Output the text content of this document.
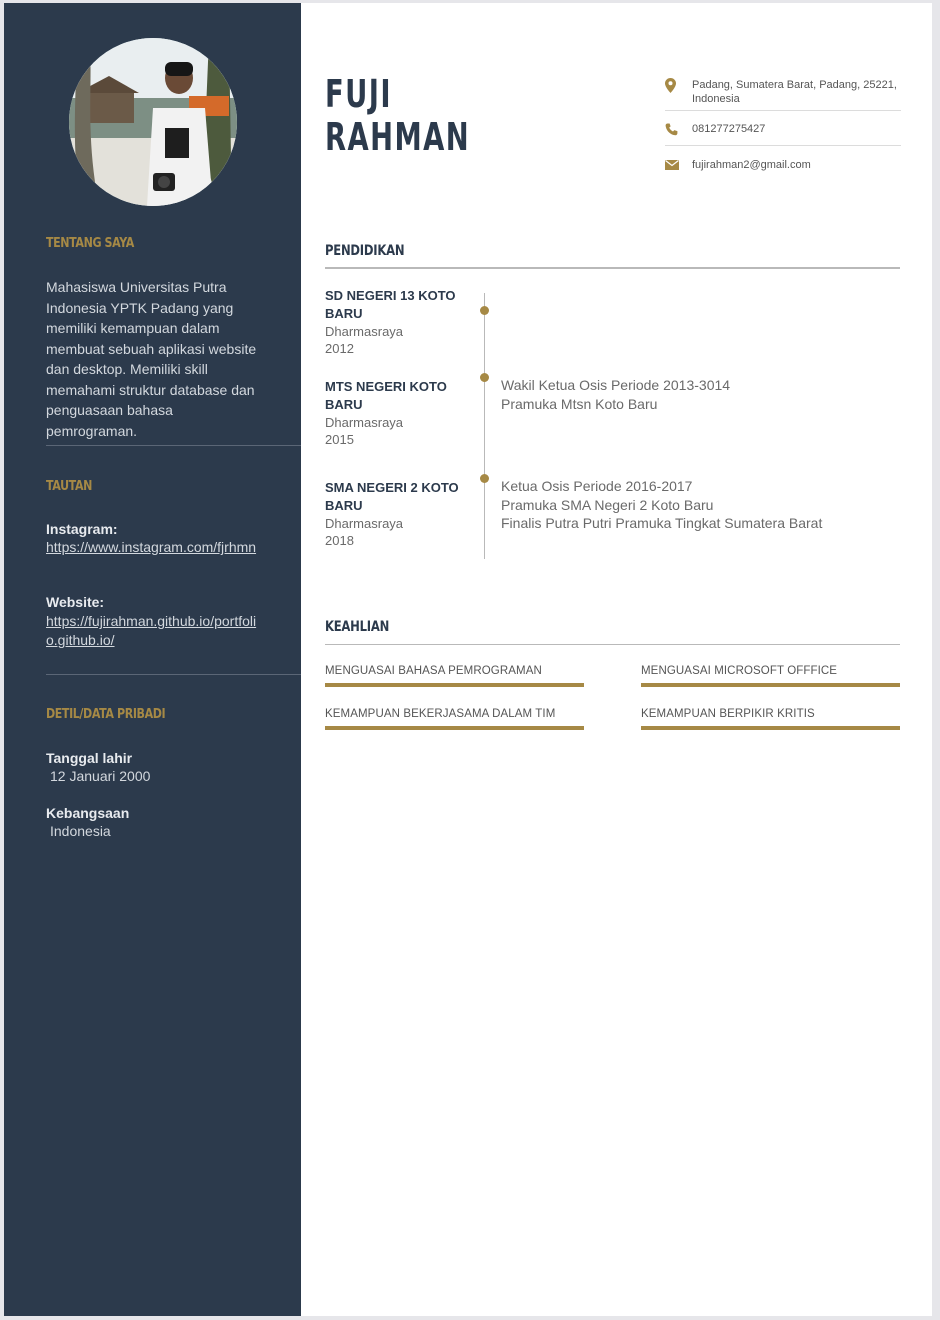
TENTANG SAYA
Mahasiswa Universitas Putra Indonesia YPTK Padang yang memiliki kemampuan dalam membuat sebuah aplikasi website dan desktop. Memiliki skill memahami struktur database dan penguasaan bahasa pemrograman.
TAUTAN
Instagram:
https://www.instagram.com/fjrhmn
Website:
https://fujirahman.github.io/portfolio.github.io/
DETIL/DATA PRIBADI
Tanggal lahir
12 Januari 2000
Kebangsaan
Indonesia
FUJI
RAHMAN
Padang, Sumatera Barat, Padang, 25221, Indonesia
081277275427
fujirahman2@gmail.com
PENDIDIKAN
SD NEGERI 13 KOTO BARU
Dharmasraya
2012
MTS NEGERI KOTO BARU
Dharmasraya
2015
Wakil Ketua Osis Periode 2013-3014
Pramuka Mtsn Koto Baru
SMA NEGERI 2 KOTO BARU
Dharmasraya
2018
Ketua Osis Periode 2016-2017
Pramuka SMA Negeri 2 Koto Baru
Finalis Putra Putri Pramuka Tingkat Sumatera Barat
KEAHLIAN
MENGUASAI BAHASA PEMROGRAMAN	MENGUASAI MICROSOFT OFFFICE
KEMAMPUAN BEKERJASAMA DALAM TIM	KEMAMPUAN BERPIKIR KRITIS
